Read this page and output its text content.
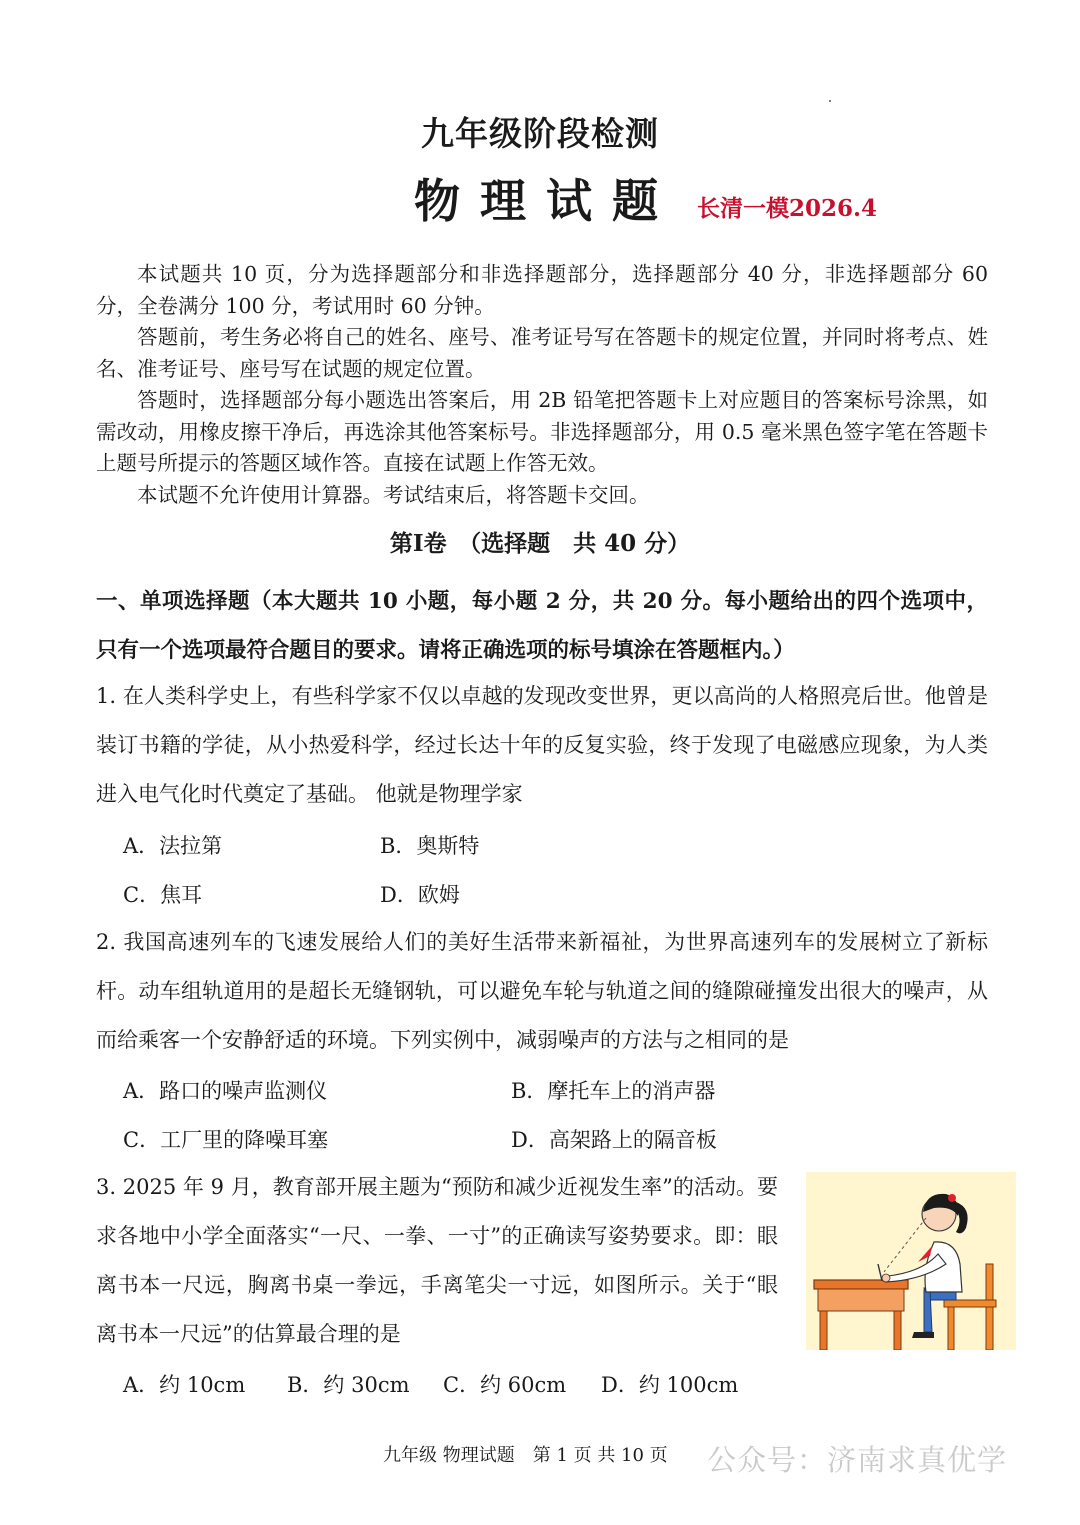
九年级阶段检测
物理试题 长清一模2026.4

本试题共 10 页，分为选择题部分和非选择题部分，选择题部分 40 分，非选择题部分 60 分，全卷满分 100 分，考试用时 60 分钟。

答题前，考生务必将自己的姓名、座号、准考证号写在答题卡的规定位置，并同时将考点、姓名、准考证号、座号写在试题的规定位置。

答题时，选择题部分每小题选出答案后，用 2B 铅笔把答题卡上对应题目的答案标号涂黑，如需改动，用橡皮擦干净后，再选涂其他答案标号。非选择题部分，用 0.5 毫米黑色签字笔在答题卡上题号所提示的答题区域作答。直接在试题上作答无效。

本试题不允许使用计算器。考试结束后，将答题卡交回。

第Ⅰ卷　（选择题　共 40 分）
一、单项选择题（本大题共 10 小题，每小题 2 分，共 20 分。每小题给出的四个选项中，只有一个选项最符合题目的要求。请将正确选项的标号填涂在答题框内。）
1. 在人类科学史上，有些科学家不仅以卓越的发现改变世界，更以高尚的人格照亮后世。他曾是装订书籍的学徒，从小热爱科学，经过长达十年的反复实验，终于发现了电磁感应现象，为人类进入电气化时代奠定了基础。 他就是物理学家
A．法拉第	B．奥斯特
C．焦耳	D．欧姆
2. 我国高速列车的飞速发展给人们的美好生活带来新福祉，为世界高速列车的发展树立了新标杆。动车组轨道用的是超长无缝钢轨，可以避免车轮与轨道之间的缝隙碰撞发出很大的噪声，从而给乘客一个安静舒适的环境。下列实例中，减弱噪声的方法与之相同的是
A．路口的噪声监测仪	B．摩托车上的消声器
C．工厂里的降噪耳塞	D．高架路上的隔音板
3. 2025 年 9 月，教育部开展主题为“预防和减少近视发生率”的活动。要求各地中小学全面落实“一尺、一拳、一寸”的正确读写姿势要求。即：眼离书本一尺远，胸离书桌一拳远，手离笔尖一寸远，如图所示。关于“眼离书本一尺远”的估算最合理的是
A．约 10cm B．约 30cm C．约 60cm D．约 100cm
九年级 物理试题　第 1 页 共 10 页 公众号：济南求真优学
